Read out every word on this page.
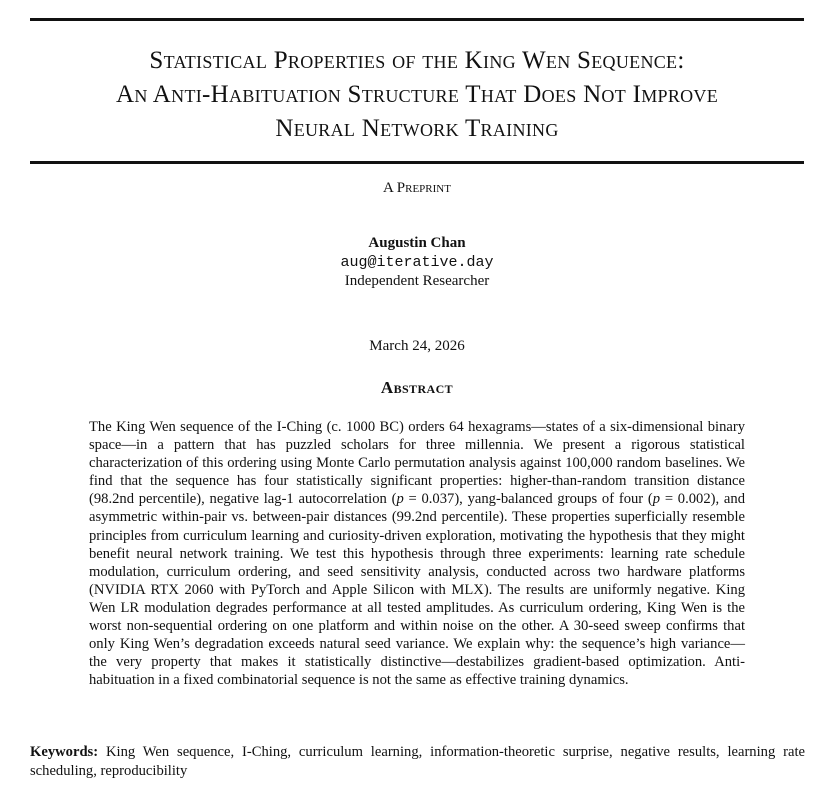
Statistical Properties of the King Wen Sequence:
An Anti-Habituation Structure That Does Not Improve
Neural Network Training
A Preprint
Augustin Chan
aug@iterative.day
Independent Researcher
March 24, 2026
Abstract
The King Wen sequence of the I-Ching (c. 1000 BC) orders 64 hexagrams—states of a six-dimensional binary space—in a pattern that has puzzled scholars for three millennia. We present a rigorous statistical characterization of this ordering using Monte Carlo permutation analysis against 100,000 random baselines. We find that the sequence has four statistically significant properties: higher-than-random transition distance (98.2nd percentile), negative lag-1 autocorrelation (p = 0.037), yang-balanced groups of four (p = 0.002), and asymmetric within-pair vs. between-pair distances (99.2nd percentile). These properties superficially resemble principles from curriculum learning and curiosity-driven exploration, motivating the hypothesis that they might benefit neural network training. We test this hypothesis through three experiments: learning rate schedule modulation, curriculum ordering, and seed sensitivity analysis, conducted across two hardware platforms (NVIDIA RTX 2060 with PyTorch and Apple Silicon with MLX). The results are uniformly negative. King Wen LR modulation degrades performance at all tested amplitudes. As curriculum ordering, King Wen is the worst non-sequential ordering on one platform and within noise on the other. A 30-seed sweep confirms that only King Wen’s degradation exceeds natural seed variance. We explain why: the sequence’s high variance—the very property that makes it statistically distinctive—destabilizes gradient-based optimization. Anti-habituation in a fixed combinatorial sequence is not the same as effective training dynamics.
Keywords: King Wen sequence, I-Ching, curriculum learning, information-theoretic surprise, negative results, learning rate scheduling, reproducibility
